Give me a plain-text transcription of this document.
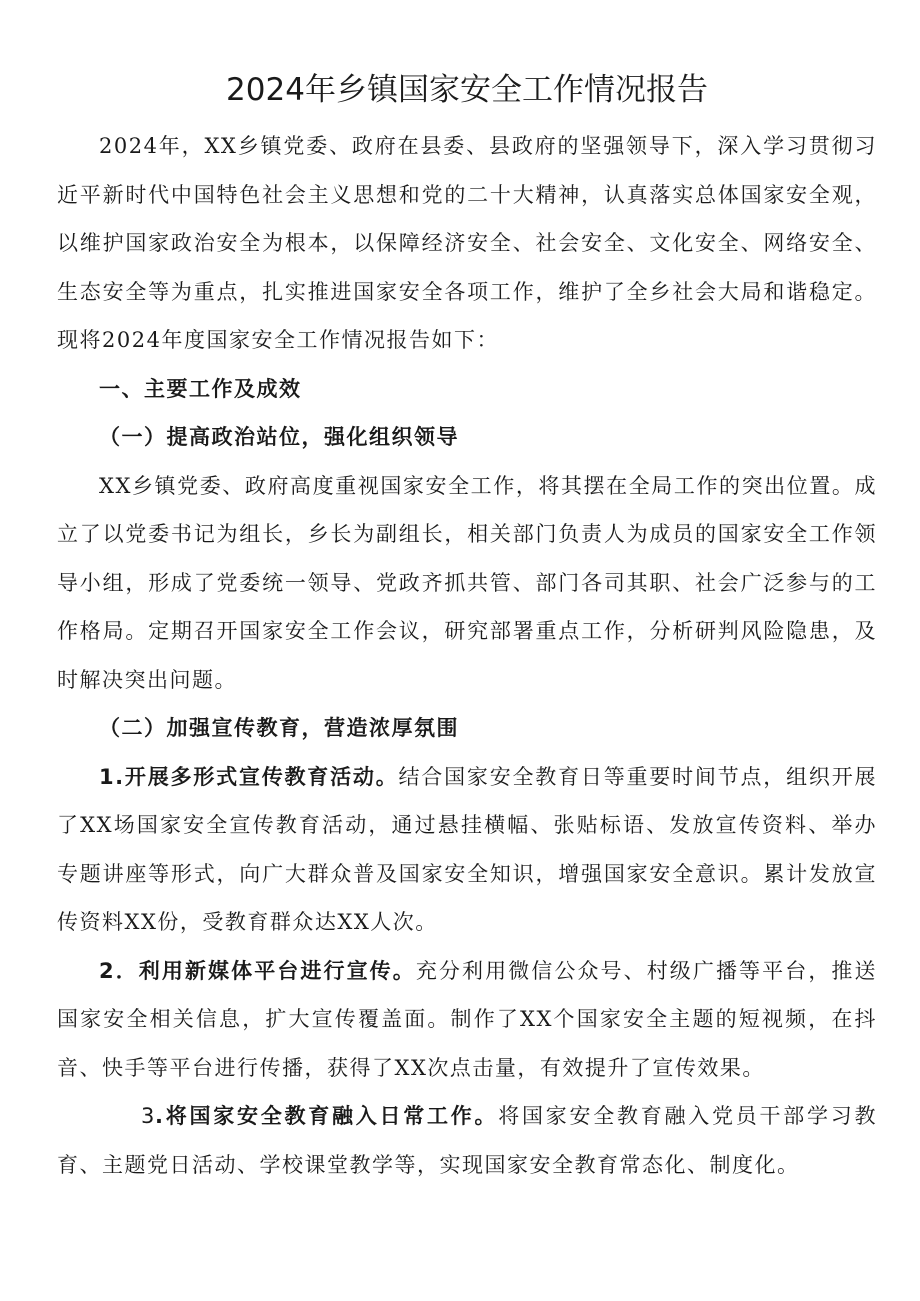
2024年乡镇国家安全工作情况报告

2024年，XX乡镇党委、政府在县委、县政府的坚强领导下，深入学习贯彻习近平新时代中国特色社会主义思想和党的二十大精神，认真落实总体国家安全观，以维护国家政治安全为根本，以保障经济安全、社会安全、文化安全、网络安全、生态安全等为重点，扎实推进国家安全各项工作，维护了全乡社会大局和谐稳定。现将2024年度国家安全工作情况报告如下：

一、主要工作及成效

（一）提高政治站位，强化组织领导

XX乡镇党委、政府高度重视国家安全工作，将其摆在全局工作的突出位置。成立了以党委书记为组长，乡长为副组长，相关部门负责人为成员的国家安全工作领导小组，形成了党委统一领导、党政齐抓共管、部门各司其职、社会广泛参与的工作格局。定期召开国家安全工作会议，研究部署重点工作，分析研判风险隐患，及时解决突出问题。

（二）加强宣传教育，营造浓厚氛围

1.开展多形式宣传教育活动。结合国家安全教育日等重要时间节点，组织开展了XX场国家安全宣传教育活动，通过悬挂横幅、张贴标语、发放宣传资料、举办专题讲座等形式，向广大群众普及国家安全知识，增强国家安全意识。累计发放宣传资料XX份，受教育群众达XX人次。

2．利用新媒体平台进行宣传。充分利用微信公众号、村级广播等平台，推送国家安全相关信息，扩大宣传覆盖面。制作了XX个国家安全主题的短视频，在抖音、快手等平台进行传播，获得了XX次点击量，有效提升了宣传效果。

3.将国家安全教育融入日常工作。将国家安全教育融入党员干部学习教育、主题党日活动、学校课堂教学等，实现国家安全教育常态化、制度化。
